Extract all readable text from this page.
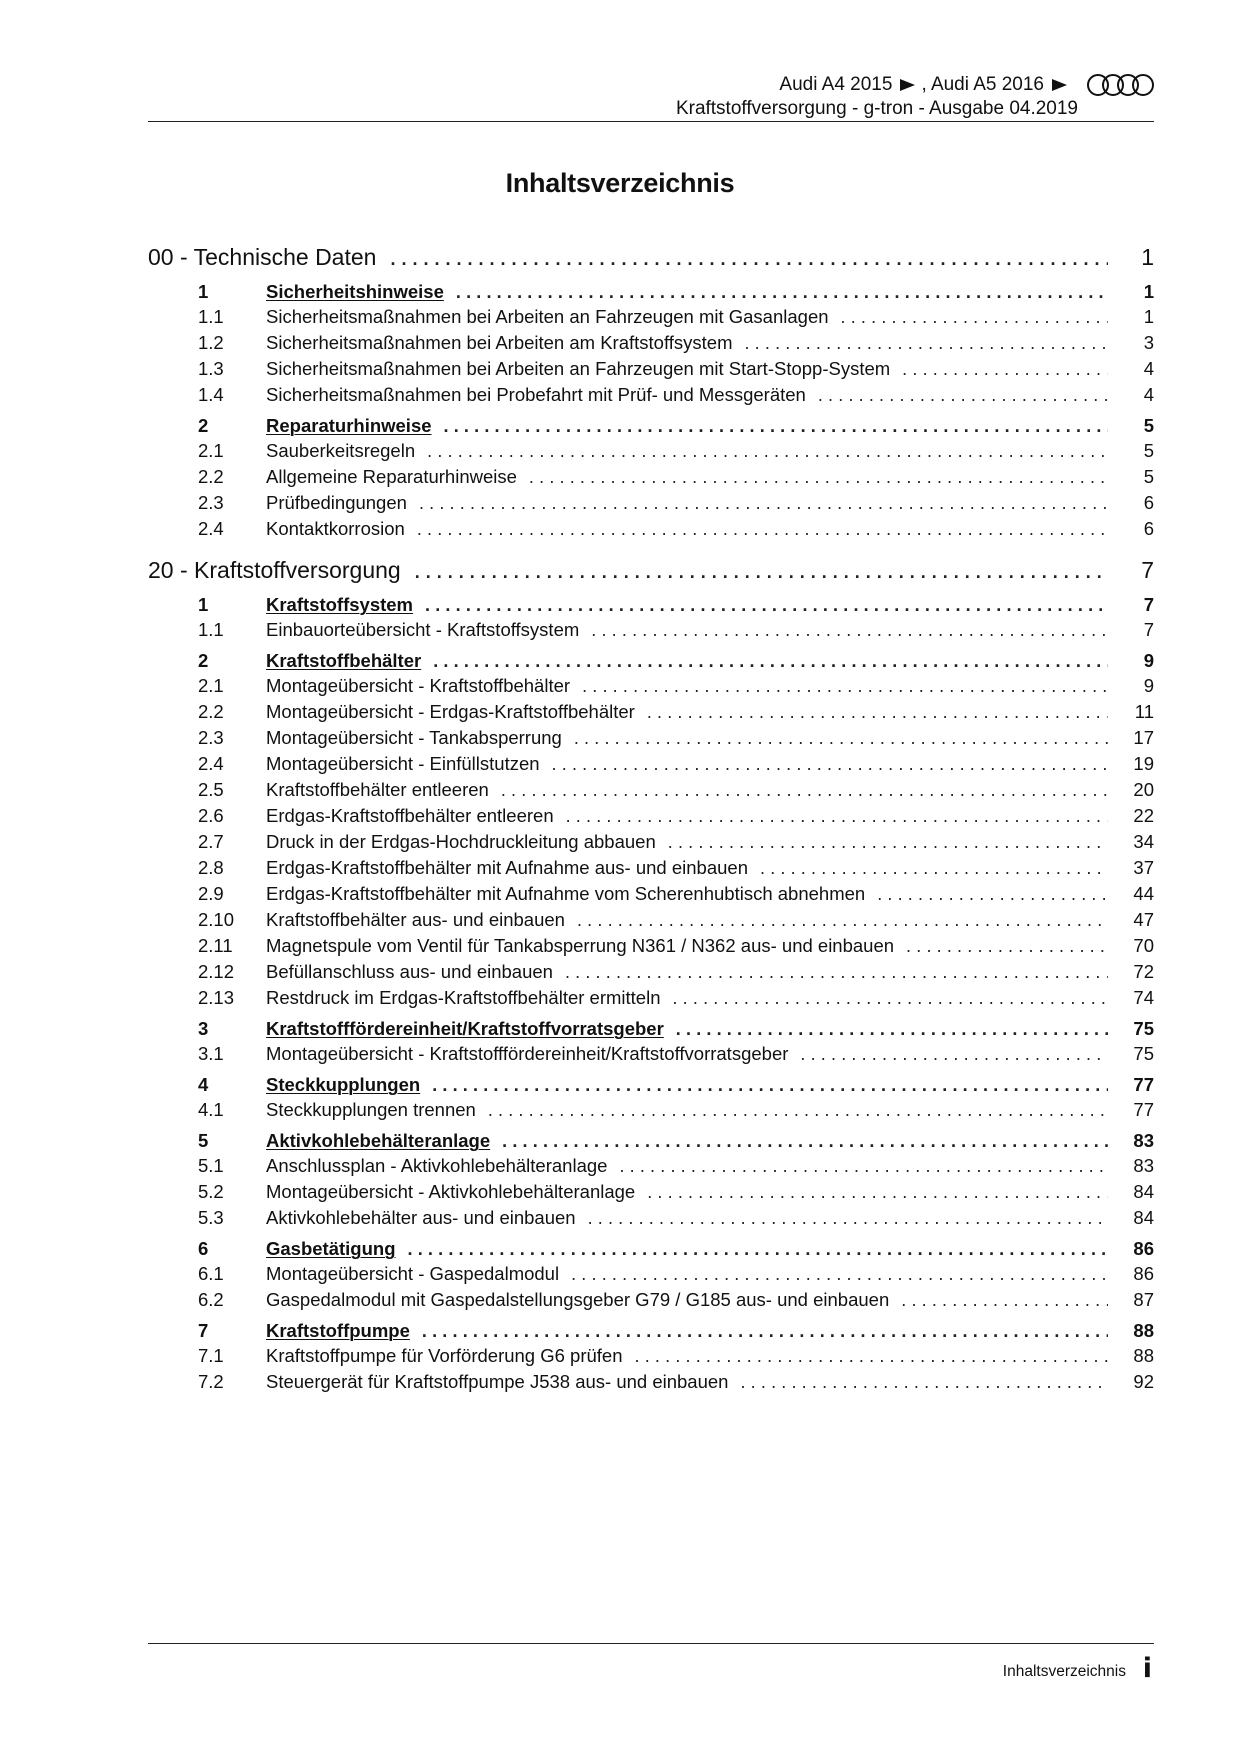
Audi A4 2015 , Audi A5 2016
Kraftstoffversorgung - g-tron - Ausgabe 04.2019
Inhaltsverzeichnis
00 - Technische Daten .....	1
1	Sicherheitshinweise .....	1
1.1	Sicherheitsmaßnahmen bei Arbeiten an Fahrzeugen mit Gasanlagen .....	1
1.2	Sicherheitsmaßnahmen bei Arbeiten am Kraftstoffsystem .....	3
1.3	Sicherheitsmaßnahmen bei Arbeiten an Fahrzeugen mit Start-Stopp-System .....	4
1.4	Sicherheitsmaßnahmen bei Probefahrt mit Prüf- und Messgeräten .....	4
2	Reparaturhinweise .....	5
2.1	Sauberkeitsregeln .....	5
2.2	Allgemeine Reparaturhinweise .....	5
2.3	Prüfbedingungen .....	6
2.4	Kontaktkorrosion .....	6
20 - Kraftstoffversorgung .....	7
1	Kraftstoffsystem .....	7
1.1	Einbauorteübersicht - Kraftstoffsystem .....	7
2	Kraftstoffbehälter .....	9
2.1	Montageübersicht - Kraftstoffbehälter .....	9
2.2	Montageübersicht - Erdgas-Kraftstoffbehälter .....	11
2.3	Montageübersicht - Tankabsperrung .....	17
2.4	Montageübersicht - Einfüllstutzen .....	19
2.5	Kraftstoffbehälter entleeren .....	20
2.6	Erdgas-Kraftstoffbehälter entleeren .....	22
2.7	Druck in der Erdgas-Hochdruckleitung abbauen .....	34
2.8	Erdgas-Kraftstoffbehälter mit Aufnahme aus- und einbauen .....	37
2.9	Erdgas-Kraftstoffbehälter mit Aufnahme vom Scherenhubtisch abnehmen .....	44
2.10	Kraftstoffbehälter aus- und einbauen .....	47
2.11	Magnetspule vom Ventil für Tankabsperrung N361 / N362 aus- und einbauen .....	70
2.12	Befüllanschluss aus- und einbauen .....	72
2.13	Restdruck im Erdgas-Kraftstoffbehälter ermitteln .....	74
3	Kraftstofffördereinheit/Kraftstoffvorratsgeber .....	75
3.1	Montageübersicht - Kraftstofffördereinheit/Kraftstoffvorratsgeber .....	75
4	Steckkupplungen .....	77
4.1	Steckkupplungen trennen .....	77
5	Aktivkohlebehälteranlage .....	83
5.1	Anschlussplan - Aktivkohlebehälteranlage .....	83
5.2	Montageübersicht - Aktivkohlebehälteranlage .....	84
5.3	Aktivkohlebehälter aus- und einbauen .....	84
6	Gasbetätigung .....	86
6.1	Montageübersicht - Gaspedalmodul .....	86
6.2	Gaspedalmodul mit Gaspedalstellungsgeber G79 / G185 aus- und einbauen .....	87
7	Kraftstoffpumpe .....	88
7.1	Kraftstoffpumpe für Vorförderung G6 prüfen .....	88
7.2	Steuergerät für Kraftstoffpumpe J538 aus- und einbauen .....	92
Inhaltsverzeichnis i
